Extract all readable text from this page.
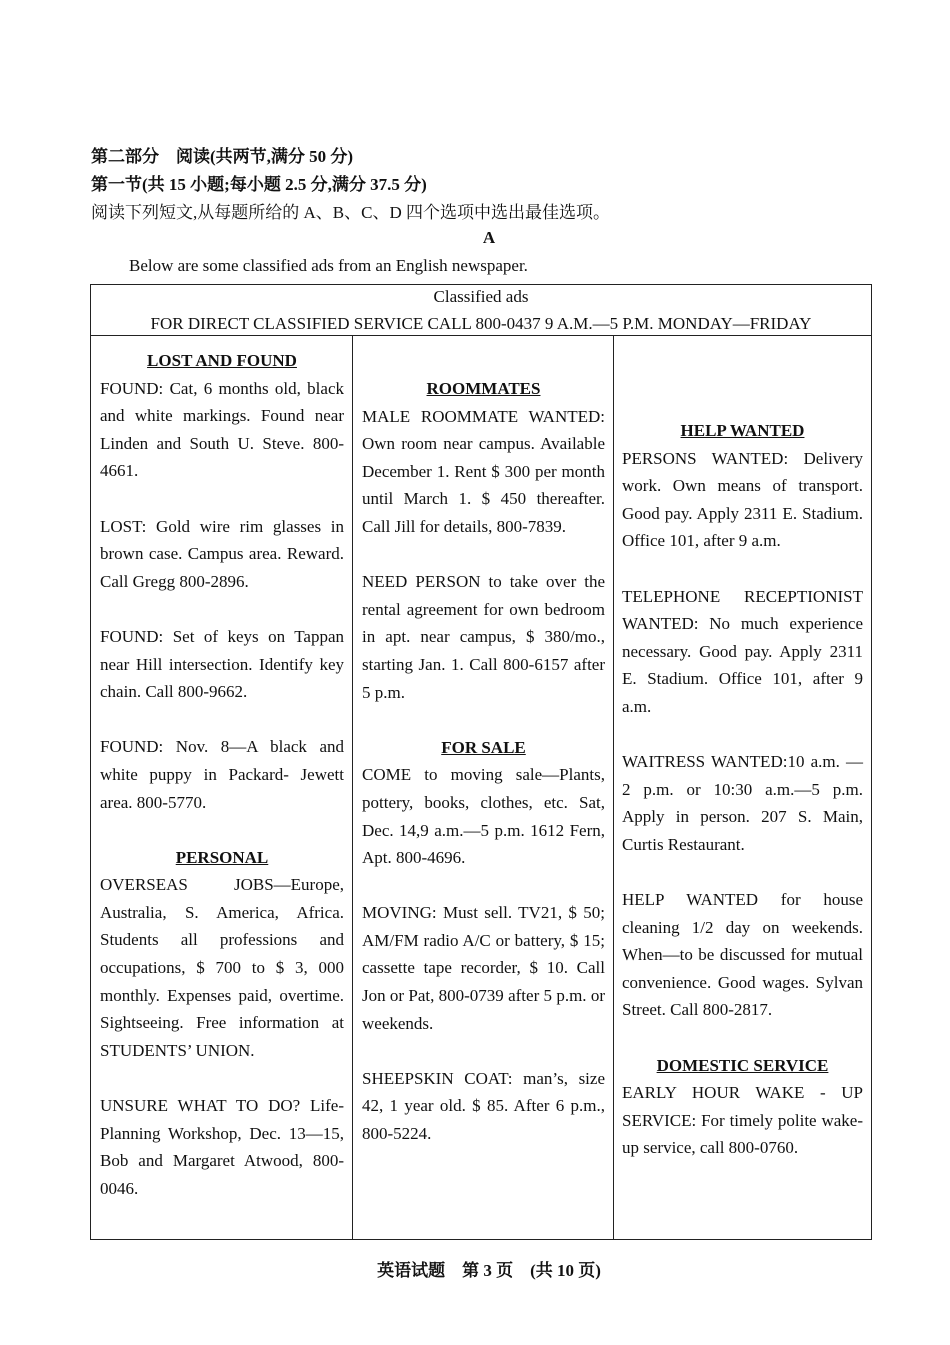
第二部分　阅读(共两节,满分 50 分)

第一节(共 15 小题;每小题 2.5 分,满分 37.5 分)

阅读下列短文,从每题所给的 A、B、C、D 四个选项中选出最佳选项。

A

Below are some classified ads from an English newspaper.

Classified ads
FOR DIRECT CLASSIFIED SERVICE CALL 800-0437 9 A.M.—5 P.M. MONDAY—FRIDAY

LOST AND FOUND

FOUND: Cat, 6 months old, black and white markings. Found near Linden and South U. Steve. 800-4661.

LOST: Gold wire rim glasses in brown case. Campus area. Reward. Call Gregg 800-2896.

FOUND: Set of keys on Tappan near Hill intersection. Identify key chain. Call 800-9662.

FOUND: Nov. 8—A black and white puppy in Packard- Jewett area. 800-5770.

PERSONAL

OVERSEAS JOBS—Europe, Australia, S. America, Africa. Students all professions and occupations, $ 700 to $ 3, 000 monthly. Expenses paid, overtime. Sightseeing. Free information at STUDENTS’ UNION.

UNSURE WHAT TO DO? Life-Planning Workshop, Dec. 13—15, Bob and Margaret Atwood, 800-0046.

ROOMMATES

MALE ROOMMATE WANTED: Own room near campus. Available December 1. Rent $ 300 per month until March 1. $ 450 thereafter. Call Jill for details, 800-7839.

NEED PERSON to take over the rental agreement for own bedroom in apt. near campus, $ 380/mo., starting Jan. 1. Call 800-6157 after 5 p.m.

FOR SALE

COME to moving sale—Plants, pottery, books, clothes, etc. Sat, Dec. 14,9 a.m.—5 p.m. 1612 Fern, Apt. 800-4696.

MOVING: Must sell. TV21, $ 50; AM/FM radio A/C or battery, $ 15; cassette tape recorder, $ 10. Call Jon or Pat, 800-0739 after 5 p.m. or weekends.

SHEEPSKIN COAT: man’s, size 42, 1 year old. $ 85. After 6 p.m., 800-5224.

HELP WANTED

PERSONS WANTED: Delivery work. Own means of transport. Good pay. Apply 2311 E. Stadium. Office 101, after 9 a.m.

TELEPHONE RECEPTIONIST WANTED: No much experience necessary. Good pay. Apply 2311 E. Stadium. Office 101, after 9 a.m.

WAITRESS WANTED:10 a.m. —2 p.m. or 10:30 a.m.—5 p.m. Apply in person. 207 S. Main, Curtis Restaurant.

HELP WANTED for house cleaning 1/2 day on weekends. When—to be discussed for mutual convenience. Good wages. Sylvan Street. Call 800-2817.

DOMESTIC SERVICE

EARLY HOUR WAKE - UP SERVICE: For timely polite wake-up service, call 800-0760.

英语试题　第 3 页　(共 10 页)
